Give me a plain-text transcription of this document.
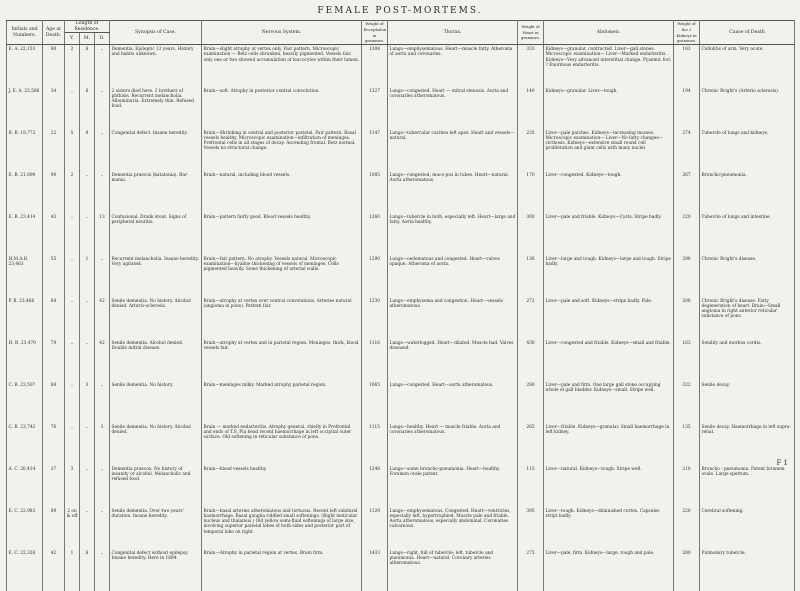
FEMALE POST-MORTEMS.
Initials and Numbers.	Age at Death.	Length of Residence.			Synopsis of Case.	Nervous System.	Weight of Encephalon in grammes.	Thorax.	Weight of Heart in grammes.	Abdomen.	Weight of the 2 Kidneys in grammes.	Cause of Death
		Y.	M.	D.								
E. A. 22,153	80	2	6	..	Dementia. Epileptic 12 years. History and habits unknown.	Brain—slight atrophy at vertex only. Fair pattern. Microscopic examination — Betz cells shrunken, heavily pigmented. Vessels fair, only one or two showed accumulation of leucocytes within their lumen.	1208	Lungs—emphysematous. Heart—muscle fatty. Atheroma of aorta and coronaries.	333	Kidneys—granular, contracted. Liver—gall stones. Microscopic examination— Liver—Marked endarteritis. Kidneys—Very advanced interstitial change. Pyaemic foci ? Enormous endarteritis.	183	Cellulitis of arm. Very acute.
J. E. A. 23,586	34	..	6	..	2 sisters died here. 2 brothers of phthisis. Recurrent melancholia. Albuminuria. Extremely thin. Refused food.	Brain—soft. Atrophy in posterior central convolution.	1327	Lungs—congested. Heart — mitral stenosis. Aorta and coronaries atheromatous.	140	Kidneys—granular. Liver—tough.	194	Chronic Bright's (Arterio sclerosis).
R. B. 18,772	22	5	9	..	Congenital defect. Insane heredity.	Brain—Shrinking in central and posterior parietal. Fair pattern. Basal vessels healthy. Microscopic examination—infiltration of meninges. Prefrontal cells in all stages of decay. Ascending frontal. Betz normal. Vessels no structural change.	1147	Lungs—tubercular cavities left apex. Heart and vessels—natural.	235	Liver—pale patches. Kidneys—increasing masses. Microscopic examination— Liver—No fatty changes—cirrhosis. Kidneys—extensive small round cell proliferation and giant cells with many nuclei.	274	Tubercle of lungs and kidneys.
E. B. 21,899	90	2	..	..	Dementia praecox (katatonia). Bar-mania.	Brain—natural, including blood vessels.	1085	Lungs—congested; muco-pus in tubes. Heart—natural. Aorta atheromatous.	170	Liver—congested. Kidneys—tough.	267	Broncho-pneumonia.
E. B. 23,414	43	..	..	13	Confusional. Drank stout. Signs of peripheral neuritis.	Brain—pattern fairly good. Blood vessels healthy.	1260	Lungs—tubercle in both, especially left. Heart—large and fatty. Aorta healthy.	300	Liver—pale and friable. Kidneys—Cysts. Stripe badly.	220	Tubercle of lungs and intestine.
H.M.A.B. 23,463	55	..	1	..	Recurrent melancholia. Insane heredity. Very agitated.	Brain—fair pattern. No atrophy. Vessels natural. Microscopic examination—hyaline thickening of vessels of meninges. Cells pigmented heavily. Some thickening of arterial walls.	1290	Lungs—oedematous and congested. Heart—valves opaque. Atheroma of aorta.	136	Liver—large and tough. Kidneys—large and tough. Stripe badly.	290	Chronic Bright's disease.
P. B. 23,466	64	..	..	42	Senile dementia. No history. Alcohol denied. Arterio-sclerosis.	Brain—atrophy at vertex over central convolutions. Arteries natural (angioma in pons). Pattern fair.	1230	Lungs—emphysema and congestion. Heart—vessels atheromatous.	272	Liver—pale and soft. Kidneys—stripe badly. Pale.	208	Chronic Bright's disease. Fatty degeneration of heart. Brain—Small angioma in right anterior reticular substance of pons.
H. B. 23,470	79	..	..	42	Senile dementia. Alcohol denied. Double mitral disease.	Brain—atrophy at vertex and in parietal region. Meninges, thick, blood vessels fair.	1116	Lungs—waterlogged. Heart—dilated. Muscle bad. Valves diseased.	430	Liver—congested and friable. Kidneys—small and friable.	163	Senility and morbus cordis.
C. B. 23,507	88	..	3	..	Senile dementia. No history.	Brain—meninges milky. Marked atrophy parietal region.	1065	Lungs—congested. Heart—aorta atheromatous.	280	Liver—pale and firm. One large gall stone occupying whole of gall bladder. Kidneys—small. Stripe well.	322	Senile decay.
C. B. 23,742	76	..	..	3	Senile dementia. No history. Alcohol denied.	Brain — marked endarteritis. Atrophy general, chiefly in Prefrontal and ends of T.S. Pia bead recent haemorrhage in left occipital outer surface. Old softening in reticular substance of pons.	1115	Lungs—healthy. Heart — muscle friable. Aorta and coronaries atheromatous.	265	Liver—friable. Kidneys—granular. Small haemorrhage in left kidney.	135	Senile decay. Haemorrhage in left supra-renal.
A. C. 20,414	27	3	..	..	Dementia praecox. No history of insanity or alcohol. Melancholic and refused food.	Brain—blood vessels healthy.	1248	Lungs—some broncho-pneumonia. Heart—healthy. Foramen ovale patent.	115	Liver—natural. Kidneys—tough. Stripe well.	210	Broncho - pneumonia. Patent foramen ovale. Large spertum.
E. C. 22,983	69	2 on & off	..	..	Senile dementia. Over two years' duration. Insane heredity.	Brain—basal arteries atheromatous and tortuous. Recent left subdural haemorrhage. Basal ganglia riddled small softenings. (Right lenticular nucleus and thalamus.) Old yellow semi-fluid softenings of large size, involving superior parietal lobes of both sides and posterior part of temporal lobe on right.	1129	Lungs—emphysematous. Congested. Heart—ventricles, especially left, hypertrophied. Muscle pale and friable. Aorta atheromatous, especially abdominal. Coronaries calcareous.	395	Liver—tough. Kidneys—diminished cortex. Capsules stript badly.	220	Cerebral softening.
E. C. 22,326	42	1	6	..	Congenital defect without epilepsy. Insane heredity. Here in 1894.	Brain—Atrophy in parietal region at vertex. Brain firm.	1433	Lungs—right, full of tubercle; left, tubercle and pneumonia. Heart—natural. Coronary arteries atheromatous.	275	Liver—pale, firm. Kidneys—large, tough and pale.	280	Pulmonary tubercle.
F 1
